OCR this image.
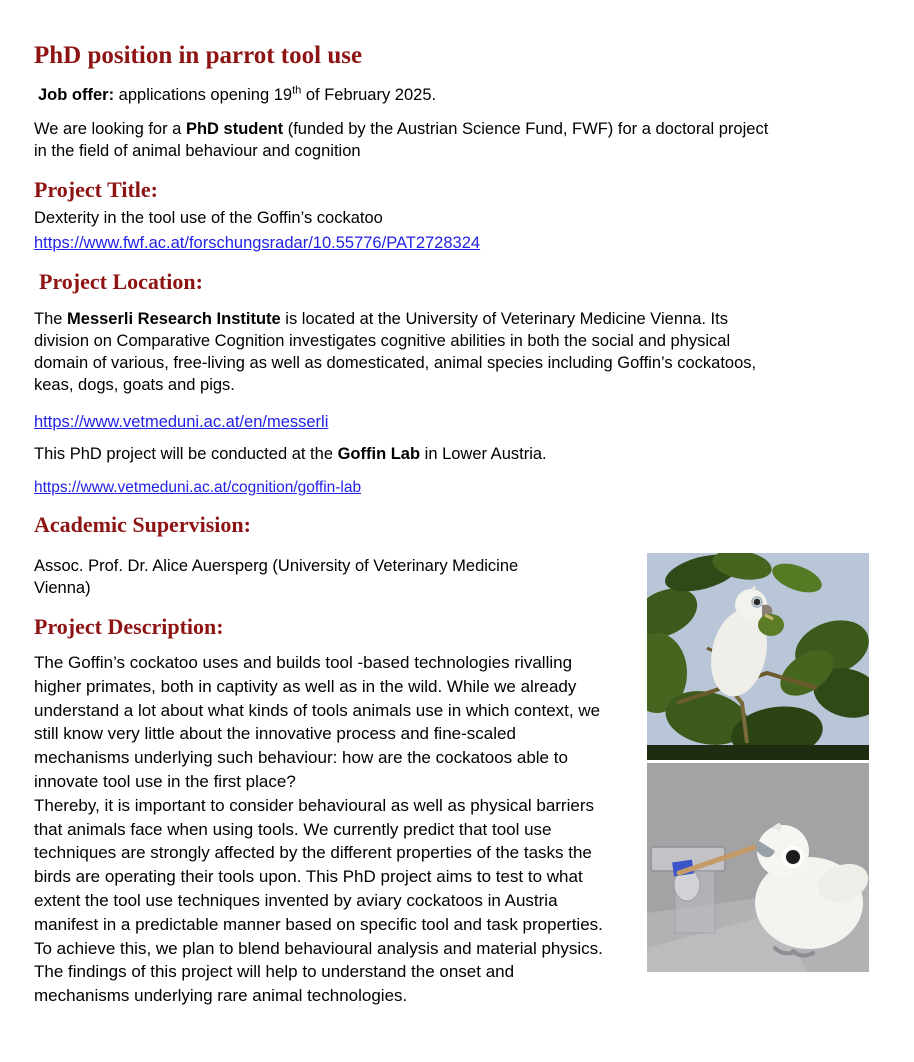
PhD position in parrot tool use

Job offer: applications opening 19th of February 2025.

We are looking for a PhD student (funded by the Austrian Science Fund, FWF) for a doctoral project in the field of animal behaviour and cognition

Project Title:

Dexterity in the tool use of the Goffin’s cockatoo

https://www.fwf.ac.at/forschungsradar/10.55776/PAT2728324
Project Location:

The Messerli Research Institute is located at the University of Veterinary Medicine Vienna. Its division on Comparative Cognition investigates cognitive abilities in both the social and physical domain of various, free-living as well as domesticated, animal species including Goffin’s cockatoos, keas, dogs, goats and pigs.

https://www.vetmeduni.ac.at/en/messerli

This PhD project will be conducted at the Goffin Lab in Lower Austria.

https://www.vetmeduni.ac.at/cognition/goffin-lab
Academic Supervision:

Assoc. Prof. Dr. Alice Auersperg (University of Veterinary Medicine Vienna)

Project Description:

The Goffin’s cockatoo uses and builds tool -based technologies rivalling higher primates, both in captivity as well as in the wild. While we already understand a lot about what kinds of tools animals use in which context, we still know very little about the innovative process and fine-scaled mechanisms underlying such behaviour: how are the cockatoos able to innovate tool use in the first place?

Thereby, it is important to consider behavioural as well as physical barriers that animals face when using tools. We currently predict that tool use techniques are strongly affected by the different properties of the tasks the birds are operating their tools upon. This PhD project aims to test to what extent the tool use techniques invented by aviary cockatoos in Austria manifest in a predictable manner based on specific tool and task properties. To achieve this, we plan to blend behavioural analysis and material physics. The findings of this project will help to understand the onset and mechanisms underlying rare animal technologies.
